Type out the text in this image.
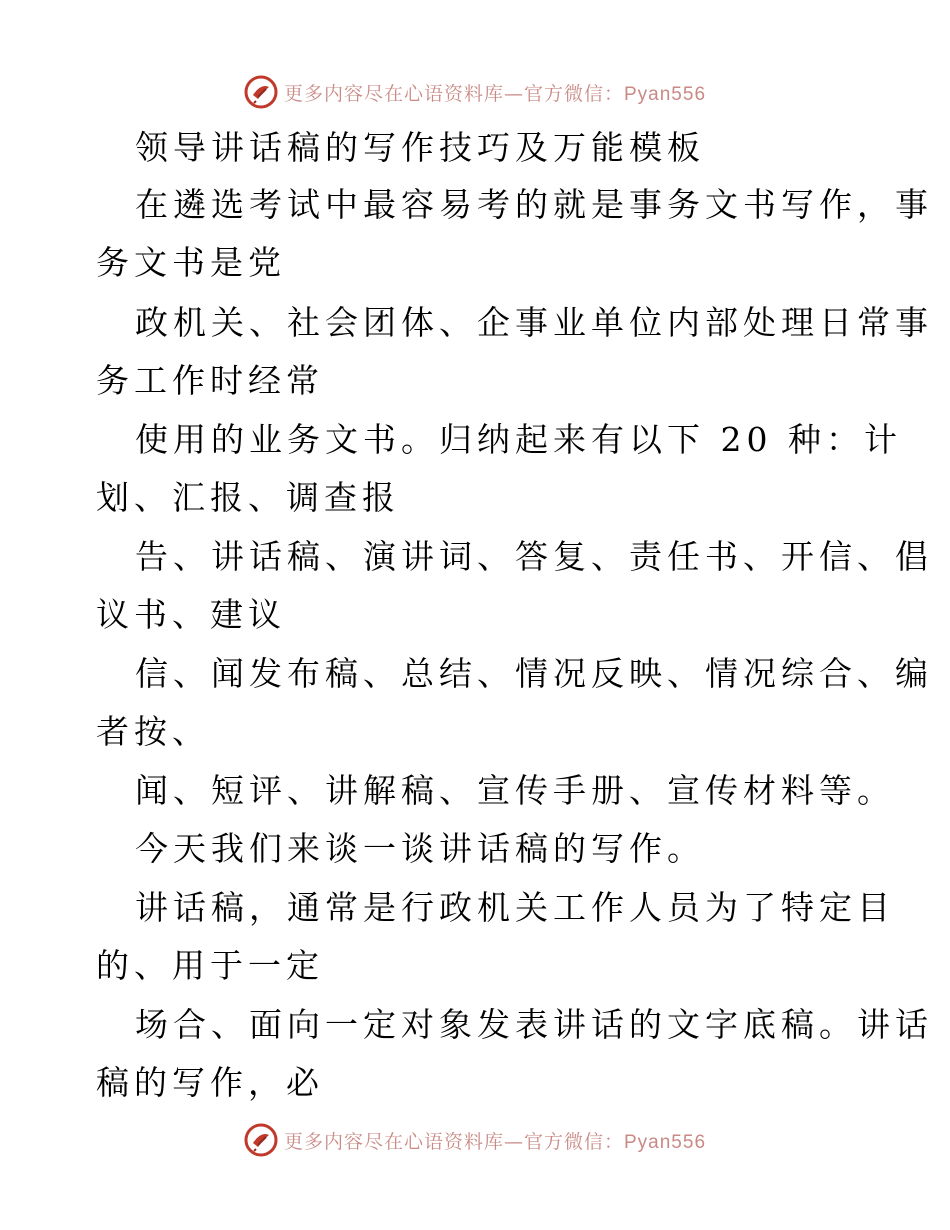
更多内容尽在心语资料库—官方微信：Pyan556
领导讲话稿的写作技巧及万能模板
在遴选考试中最容易考的就是事务文书写作，事
务文书是党
政机关、社会团体、企事业单位内部处理日常事
务工作时经常
使用的业务文书。归纳起来有以下 20 种：计
划、汇报、调查报
告、讲话稿、演讲词、答复、责任书、开信、倡
议书、建议
信、闻发布稿、总结、情况反映、情况综合、编
者按、
闻、短评、讲解稿、宣传手册、宣传材料等。
今天我们来谈一谈讲话稿的写作。
讲话稿，通常是行政机关工作人员为了特定目
的、用于一定
场合、面向一定对象发表讲话的文字底稿。讲话
稿的写作，必
更多内容尽在心语资料库—官方微信：Pyan556
